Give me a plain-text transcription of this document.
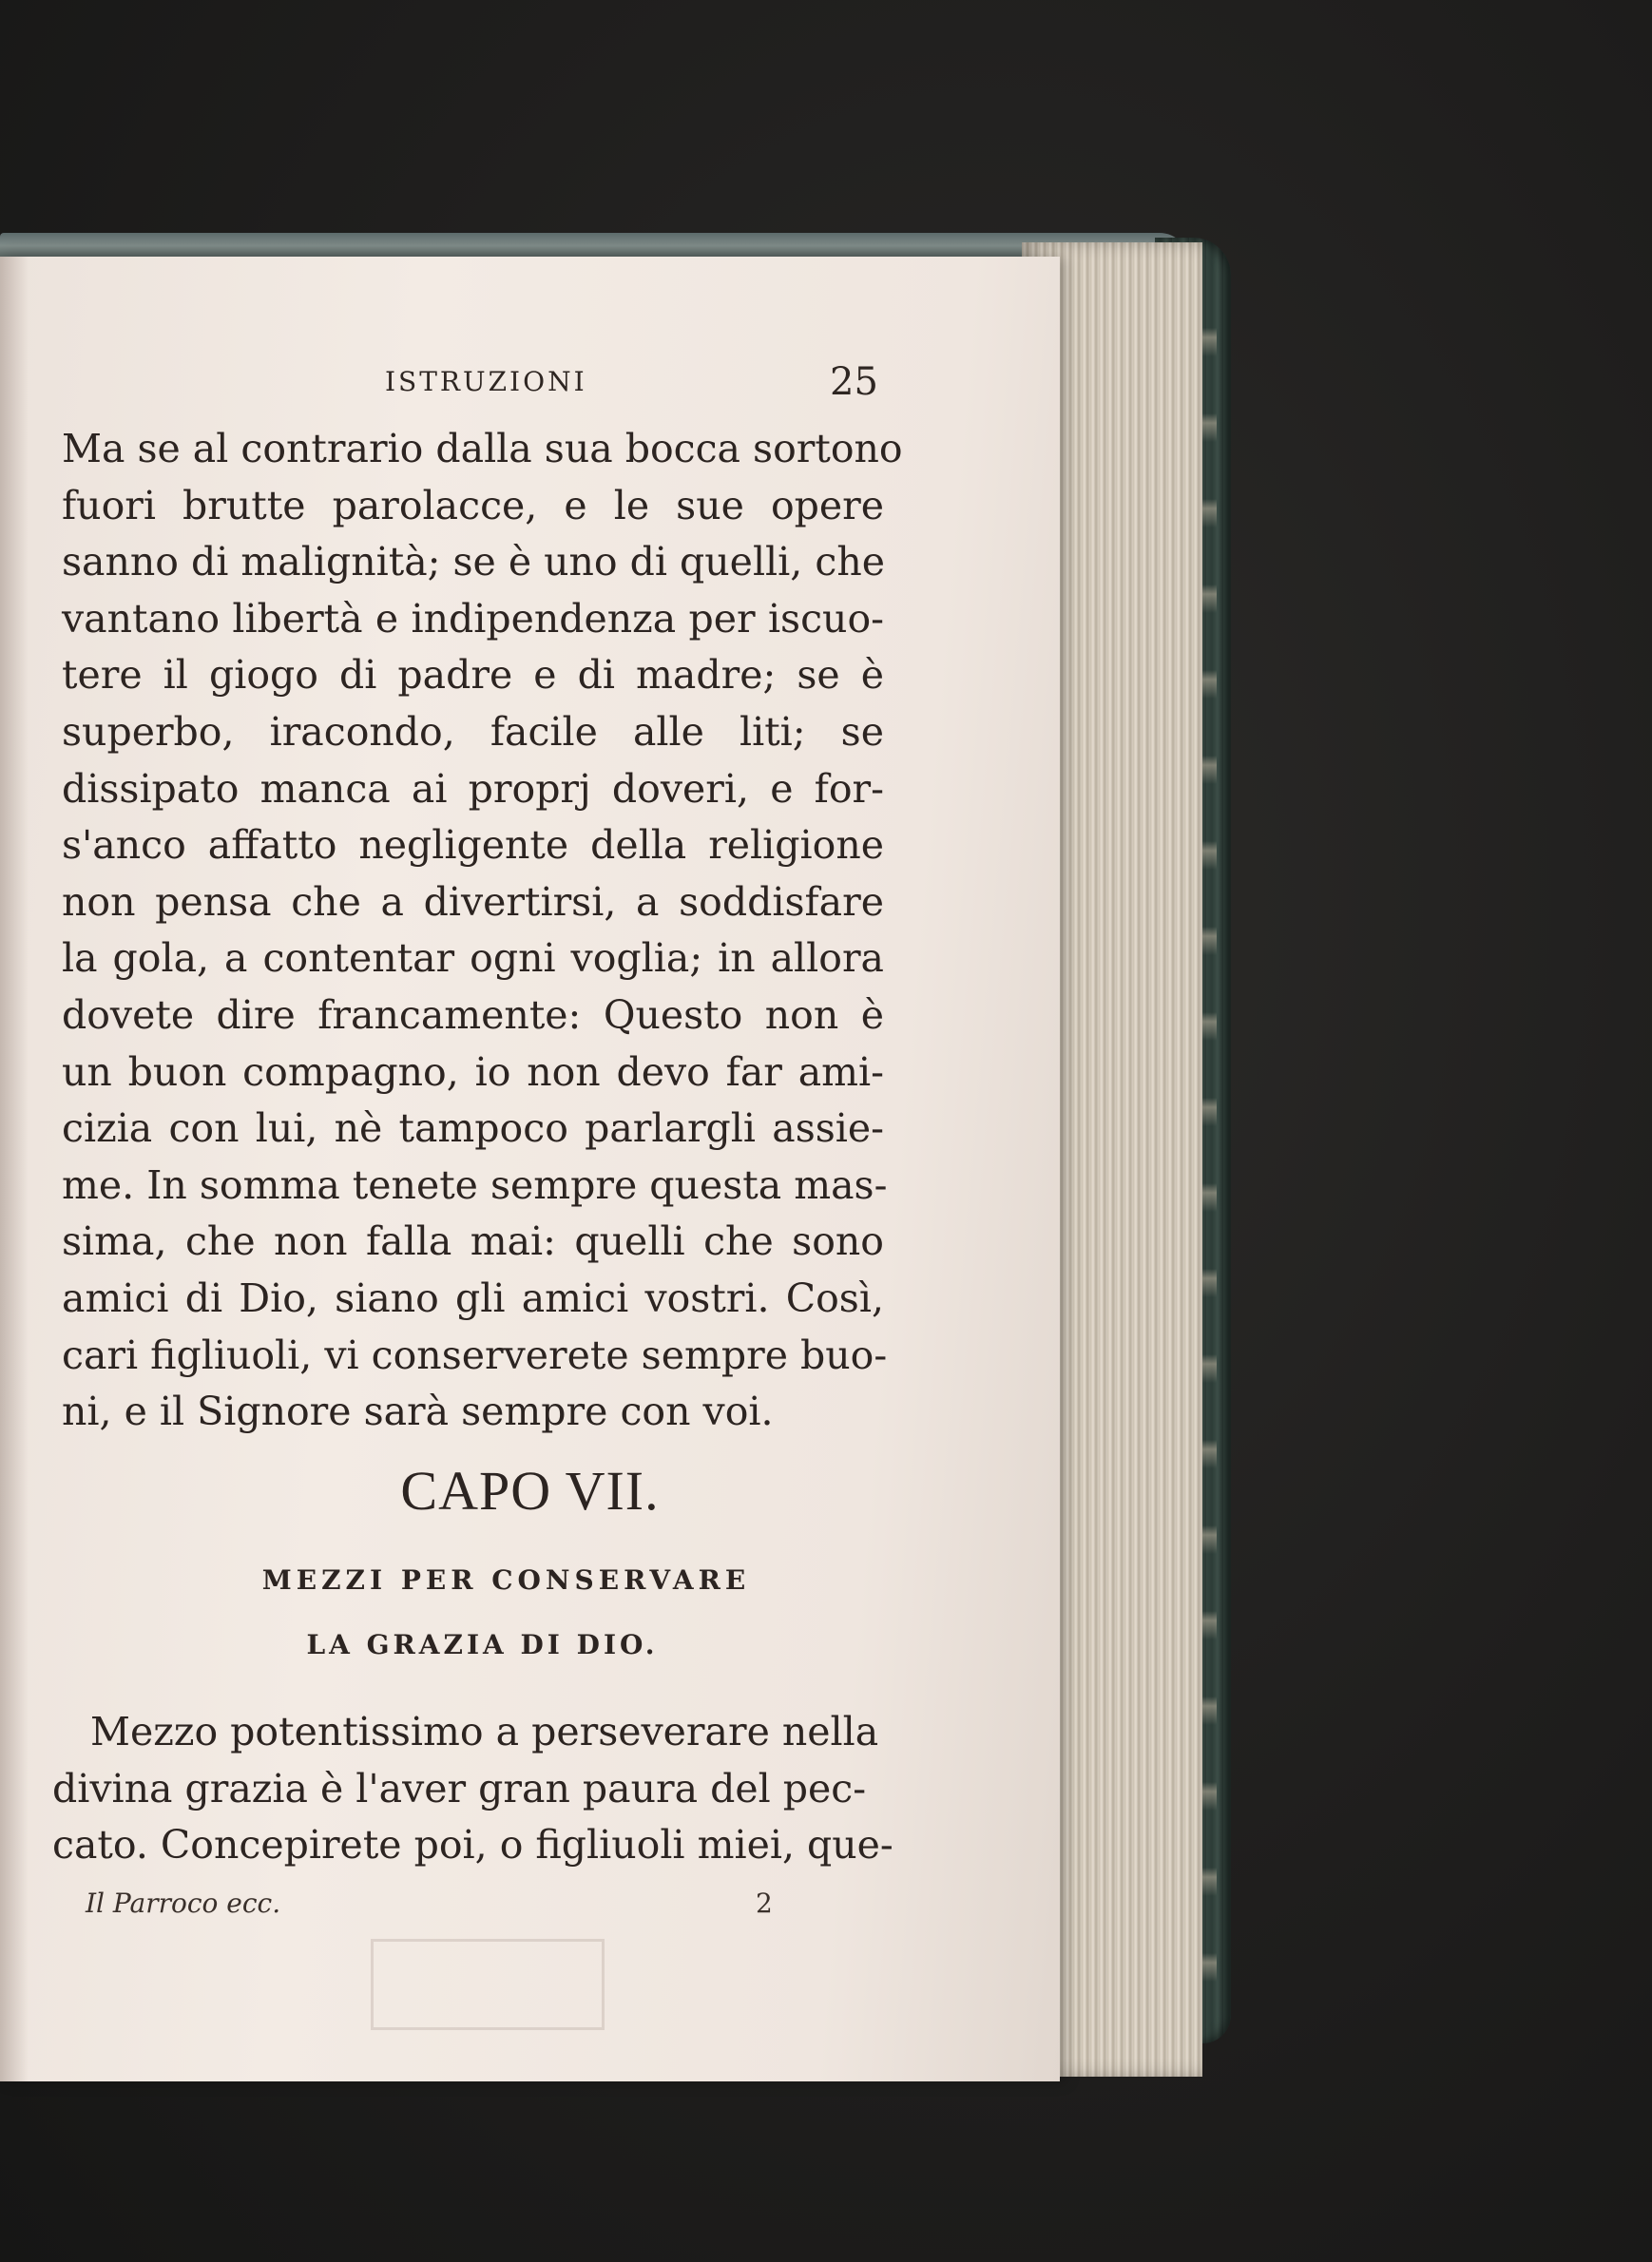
ISTRUZIONI	25
Ma se al contrario dalla sua bocca sortono
fuori brutte parolacce, e le sue opere
sanno di malignità; se è uno di quelli, che
vantano libertà e indipendenza per iscuo-
tere il giogo di padre e di madre; se è
superbo, iracondo, facile alle liti; se
dissipato manca ai proprj doveri, e for-
s'anco affatto negligente della religione
non pensa che a divertirsi, a soddisfare
la gola, a contentar ogni voglia; in allora
dovete dire francamente: Questo non è
un buon compagno, io non devo far ami-
cizia con lui, nè tampoco parlargli assie-
me. In somma tenete sempre questa mas-
sima, che non falla mai: quelli che sono
amici di Dio, siano gli amici vostri. Così,
cari figliuoli, vi conserverete sempre buo-
ni, e il Signore sarà sempre con voi.
CAPO VII.
MEZZI PER CONSERVARE
LA GRAZIA DI DIO.
Mezzo potentissimo a perseverare nella
divina grazia è l'aver gran paura del pec-
cato. Concepirete poi, o figliuoli miei, que-
Il Parroco ecc.	2
